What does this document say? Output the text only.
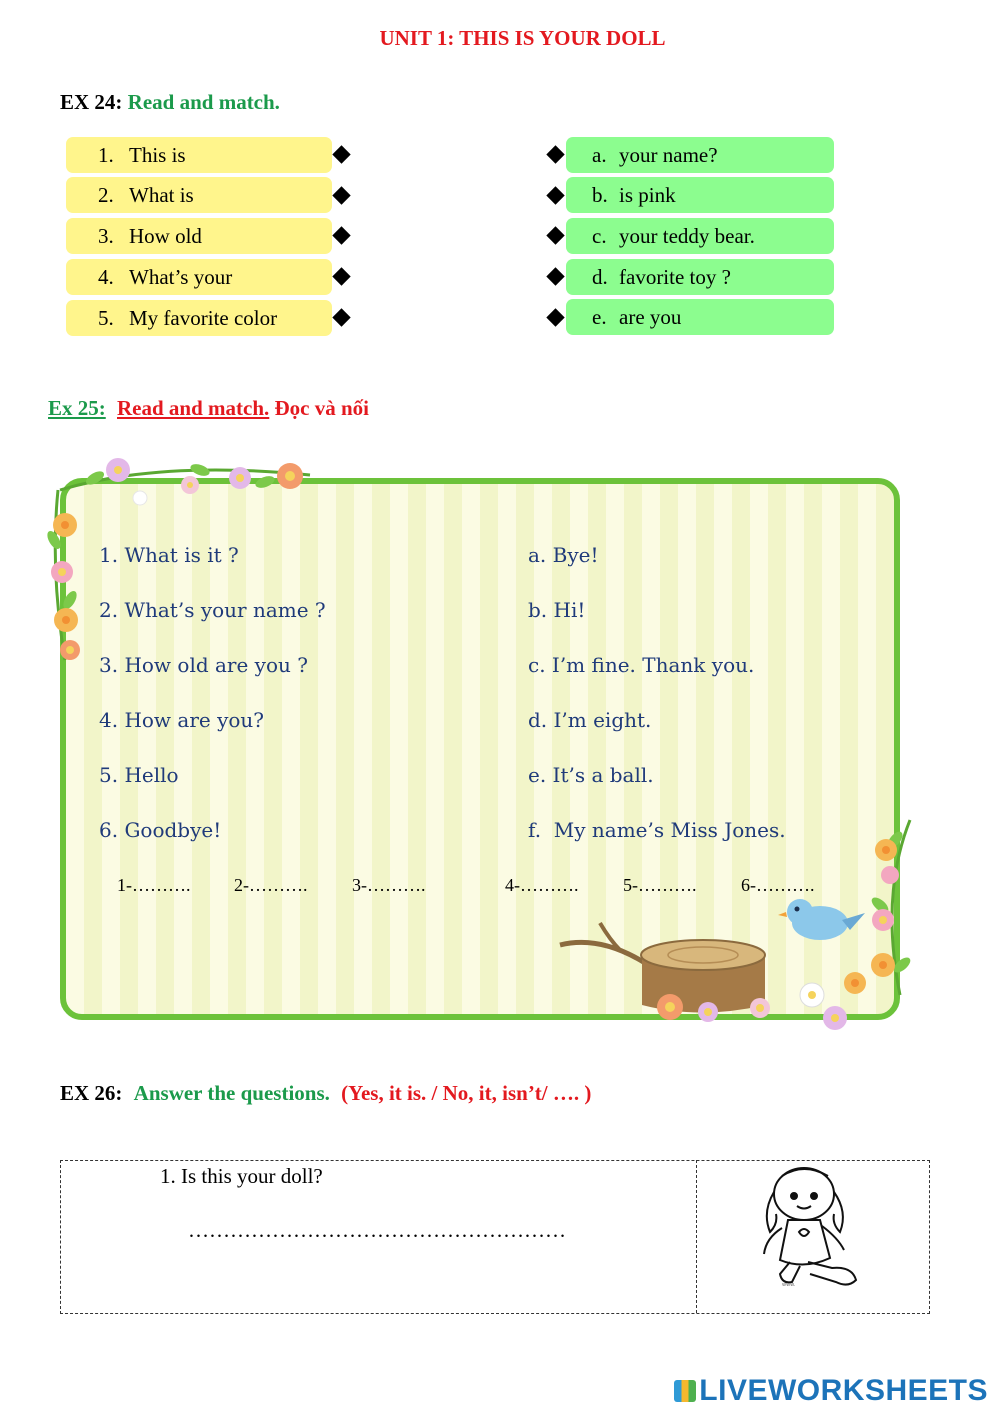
UNIT 1: THIS IS YOUR DOLL
EX 24: Read and match.
1. This is
2. What is
3. How old
4. What’s your
5. My favorite color
a. your name?
b. is pink
c. your teddy bear.
d. favorite toy ?
e. are you
Ex 25: Read and match. Đọc và nối
1. What is it ?
2. What’s your name ?
3. How old are you ?
4. How are you?
5. Hello
6. Goodbye!
a. Bye!
b. Hi!
c. I’m fine. Thank you.
d. I’m eight.
e. It’s a ball.
f.  My name’s Miss Jones.
1-………. 2-………. 3-……….	4-………. 5-………. 6-……….
EX 26: Answer the questions. (Yes, it is. / No, it, isn’t/ …. )
1. Is this your doll?
………………………………………………
www.
LIVEWORKSHEETS
